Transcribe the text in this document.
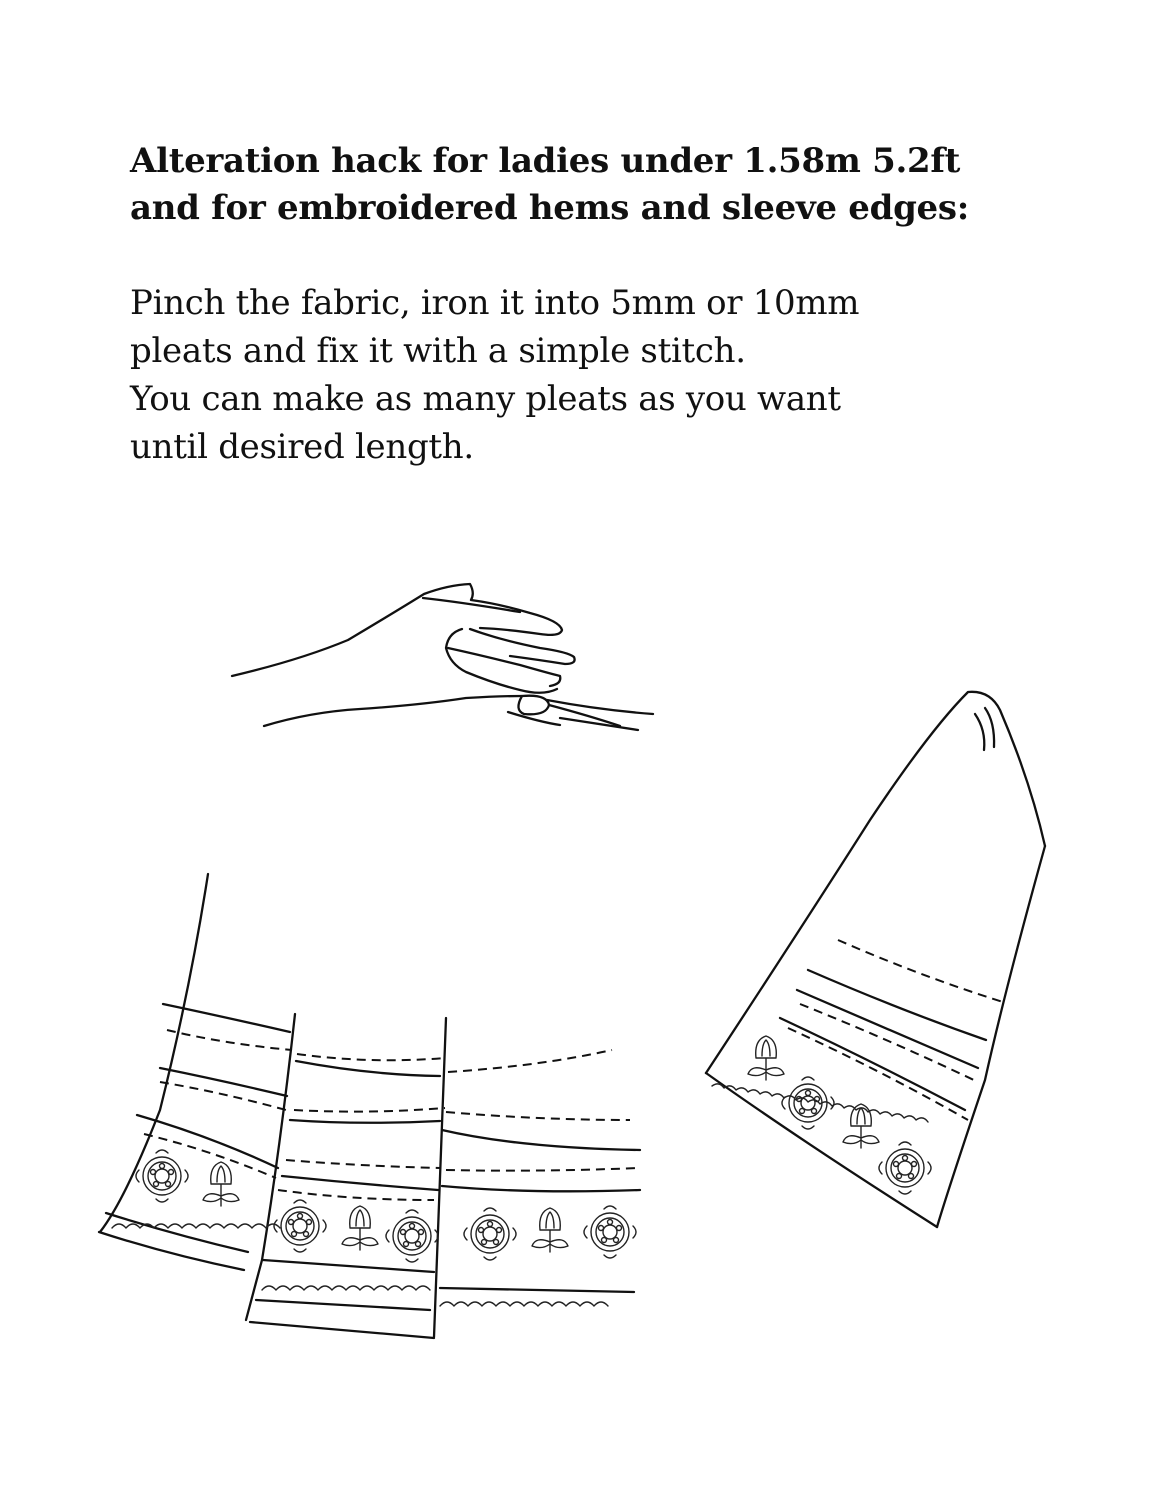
Alteration hack for ladies under 1.58m 5.2ft
and for embroidered hems and sleeve edges:
Pinch the fabric, iron it into 5mm or 10mm
pleats and fix it with a simple stitch.
You can make as many pleats as you want
until desired length.
